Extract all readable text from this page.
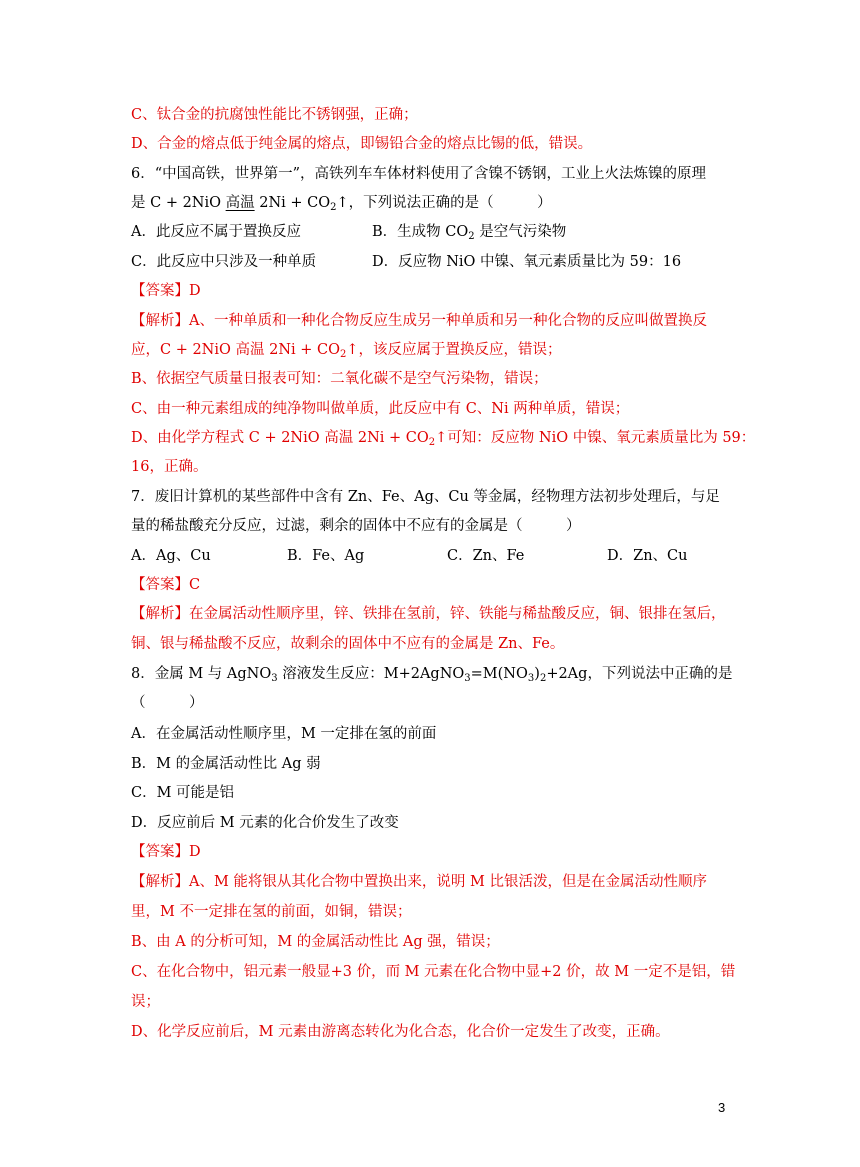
C、钛合金的抗腐蚀性能比不锈钢强，正确；
D、合金的熔点低于纯金属的熔点，即锡铅合金的熔点比锡的低，错误。
6．“中国高铁，世界第一”，高铁列车车体材料使用了含镍不锈钢，工业上火法炼镍的原理
是 C + 2NiO 高温 $2Ni + CO_2↑$，下列说法正确的是（　　　）
A．此反应不属于置换反应	B．生成物 $CO_2$ 是空气污染物
C．此反应中只涉及一种单质	D．反应物 NiO 中镍、氧元素质量比为 59：16
【答案】D
【解析】A、一种单质和一种化合物反应生成另一种单质和另一种化合物的反应叫做置换反
应，C + 2NiO 高温 $2Ni + CO_2↑$，该反应属于置换反应，错误；
B、依据空气质量日报表可知：二氧化碳不是空气污染物，错误；
C、由一种元素组成的纯净物叫做单质，此反应中有 C、Ni 两种单质，错误；
D、由化学方程式 C + 2NiO 高温 $2Ni + CO_2↑$可知：反应物 NiO 中镍、氧元素质量比为 59：
16，正确。
7．废旧计算机的某些部件中含有 Zn、Fe、Ag、Cu 等金属，经物理方法初步处理后，与足
量的稀盐酸充分反应，过滤，剩余的固体中不应有的金属是（　　　）
A．Ag、Cu	B．Fe、Ag	C．Zn、Fe	D．Zn、Cu
【答案】C
【解析】在金属活动性顺序里，锌、铁排在氢前，锌、铁能与稀盐酸反应，铜、银排在氢后，
铜、银与稀盐酸不反应，故剩余的固体中不应有的金属是 Zn、Fe。
8．金属 M 与 AgNO$_3$ 溶液发生反应：$M+2AgNO_3=M(NO_3)_2+2Ag$，下列说法中正确的是
（　　　）
A．在金属活动性顺序里，M 一定排在氢的前面
B．M 的金属活动性比 Ag 弱
C．M 可能是铝
D．反应前后 M 元素的化合价发生了改变
【答案】D
【解析】A、M 能将银从其化合物中置换出来，说明 M 比银活泼，但是在金属活动性顺序
里，M 不一定排在氢的前面，如铜，错误；
B、由 A 的分析可知，M 的金属活动性比 Ag 强，错误；
C、在化合物中，铝元素一般显+3 价，而 M 元素在化合物中显+2 价，故 M 一定不是铝，错
误；
D、化学反应前后，M 元素由游离态转化为化合态，化合价一定发生了改变，正确。
3
